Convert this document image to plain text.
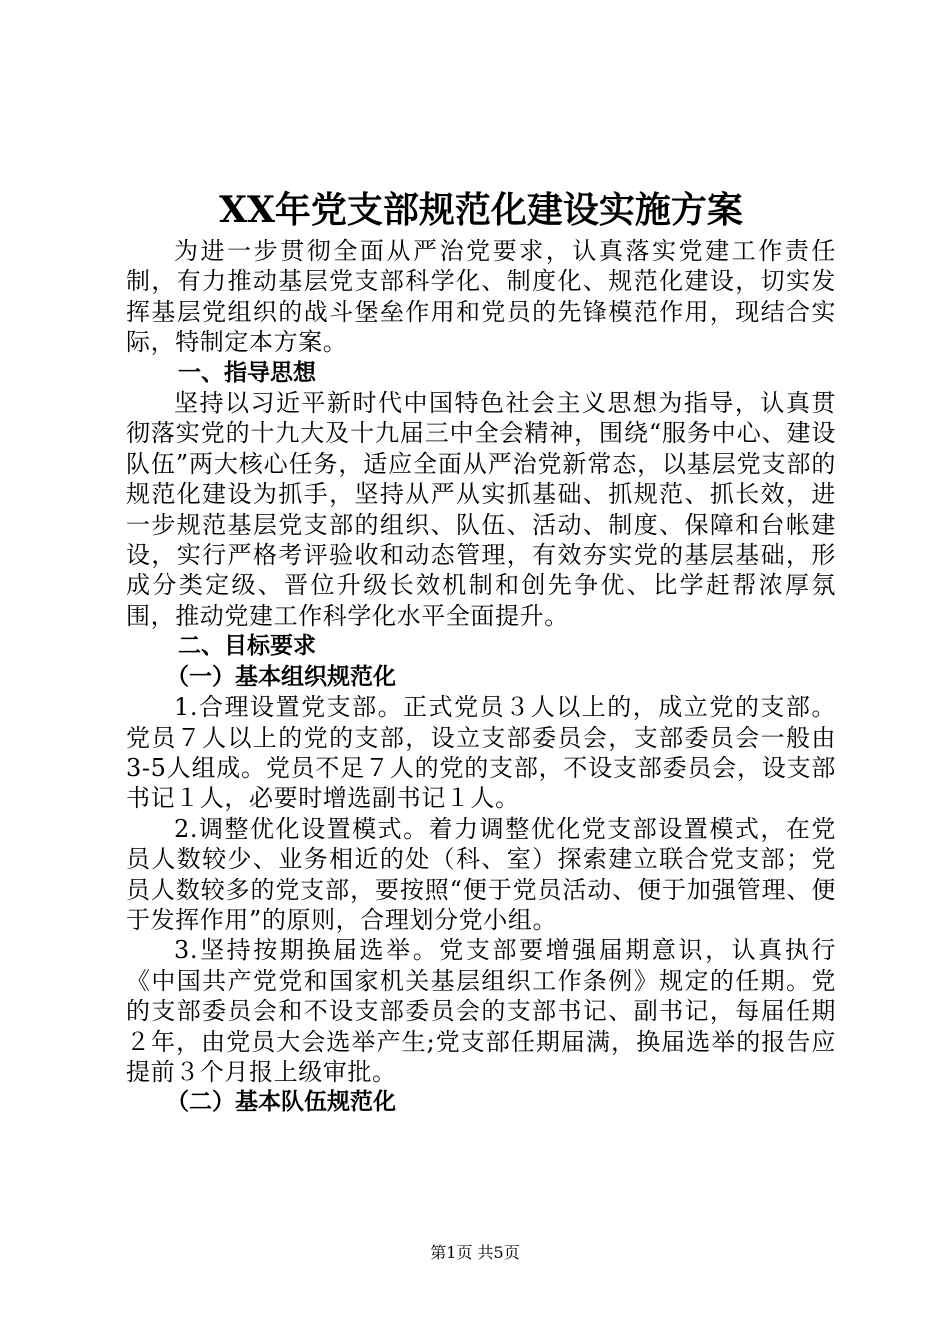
XX年党支部规范化建设实施方案

为进一步贯彻全面从严治党要求，认真落实党建工作责任制，有力推动基层党支部科学化、制度化、规范化建设，切实发挥基层党组织的战斗堡垒作用和党员的先锋模范作用，现结合实际，特制定本方案。

一、指导思想

坚持以习近平新时代中国特色社会主义思想为指导，认真贯彻落实党的十九大及十九届三中全会精神，围绕“服务中心、建设队伍”两大核心任务，适应全面从严治党新常态，以基层党支部的规范化建设为抓手，坚持从严从实抓基础、抓规范、抓长效，进一步规范基层党支部的组织、队伍、活动、制度、保障和台帐建设，实行严格考评验收和动态管理，有效夯实党的基层基础，形成分类定级、晋位升级长效机制和创先争优、比学赶帮浓厚氛围，推动党建工作科学化水平全面提升。

二、目标要求

（一）基本组织规范化

1.合理设置党支部。正式党员３人以上的，成立党的支部。党员７人以上的党的支部，设立支部委员会，支部委员会一般由3-5人组成。党员不足７人的党的支部，不设支部委员会，设支部书记１人，必要时增选副书记１人。

2.调整优化设置模式。着力调整优化党支部设置模式，在党员人数较少、业务相近的处（科、室）探索建立联合党支部；党员人数较多的党支部，要按照“便于党员活动、便于加强管理、便于发挥作用”的原则，合理划分党小组。

3.坚持按期换届选举。党支部要增强届期意识，认真执行《中国共产党党和国家机关基层组织工作条例》规定的任期。党的支部委员会和不设支部委员会的支部书记、副书记，每届任期２年，由党员大会选举产生;党支部任期届满，换届选举的报告应提前３个月报上级审批。

（二）基本队伍规范化

第1页 共5页
